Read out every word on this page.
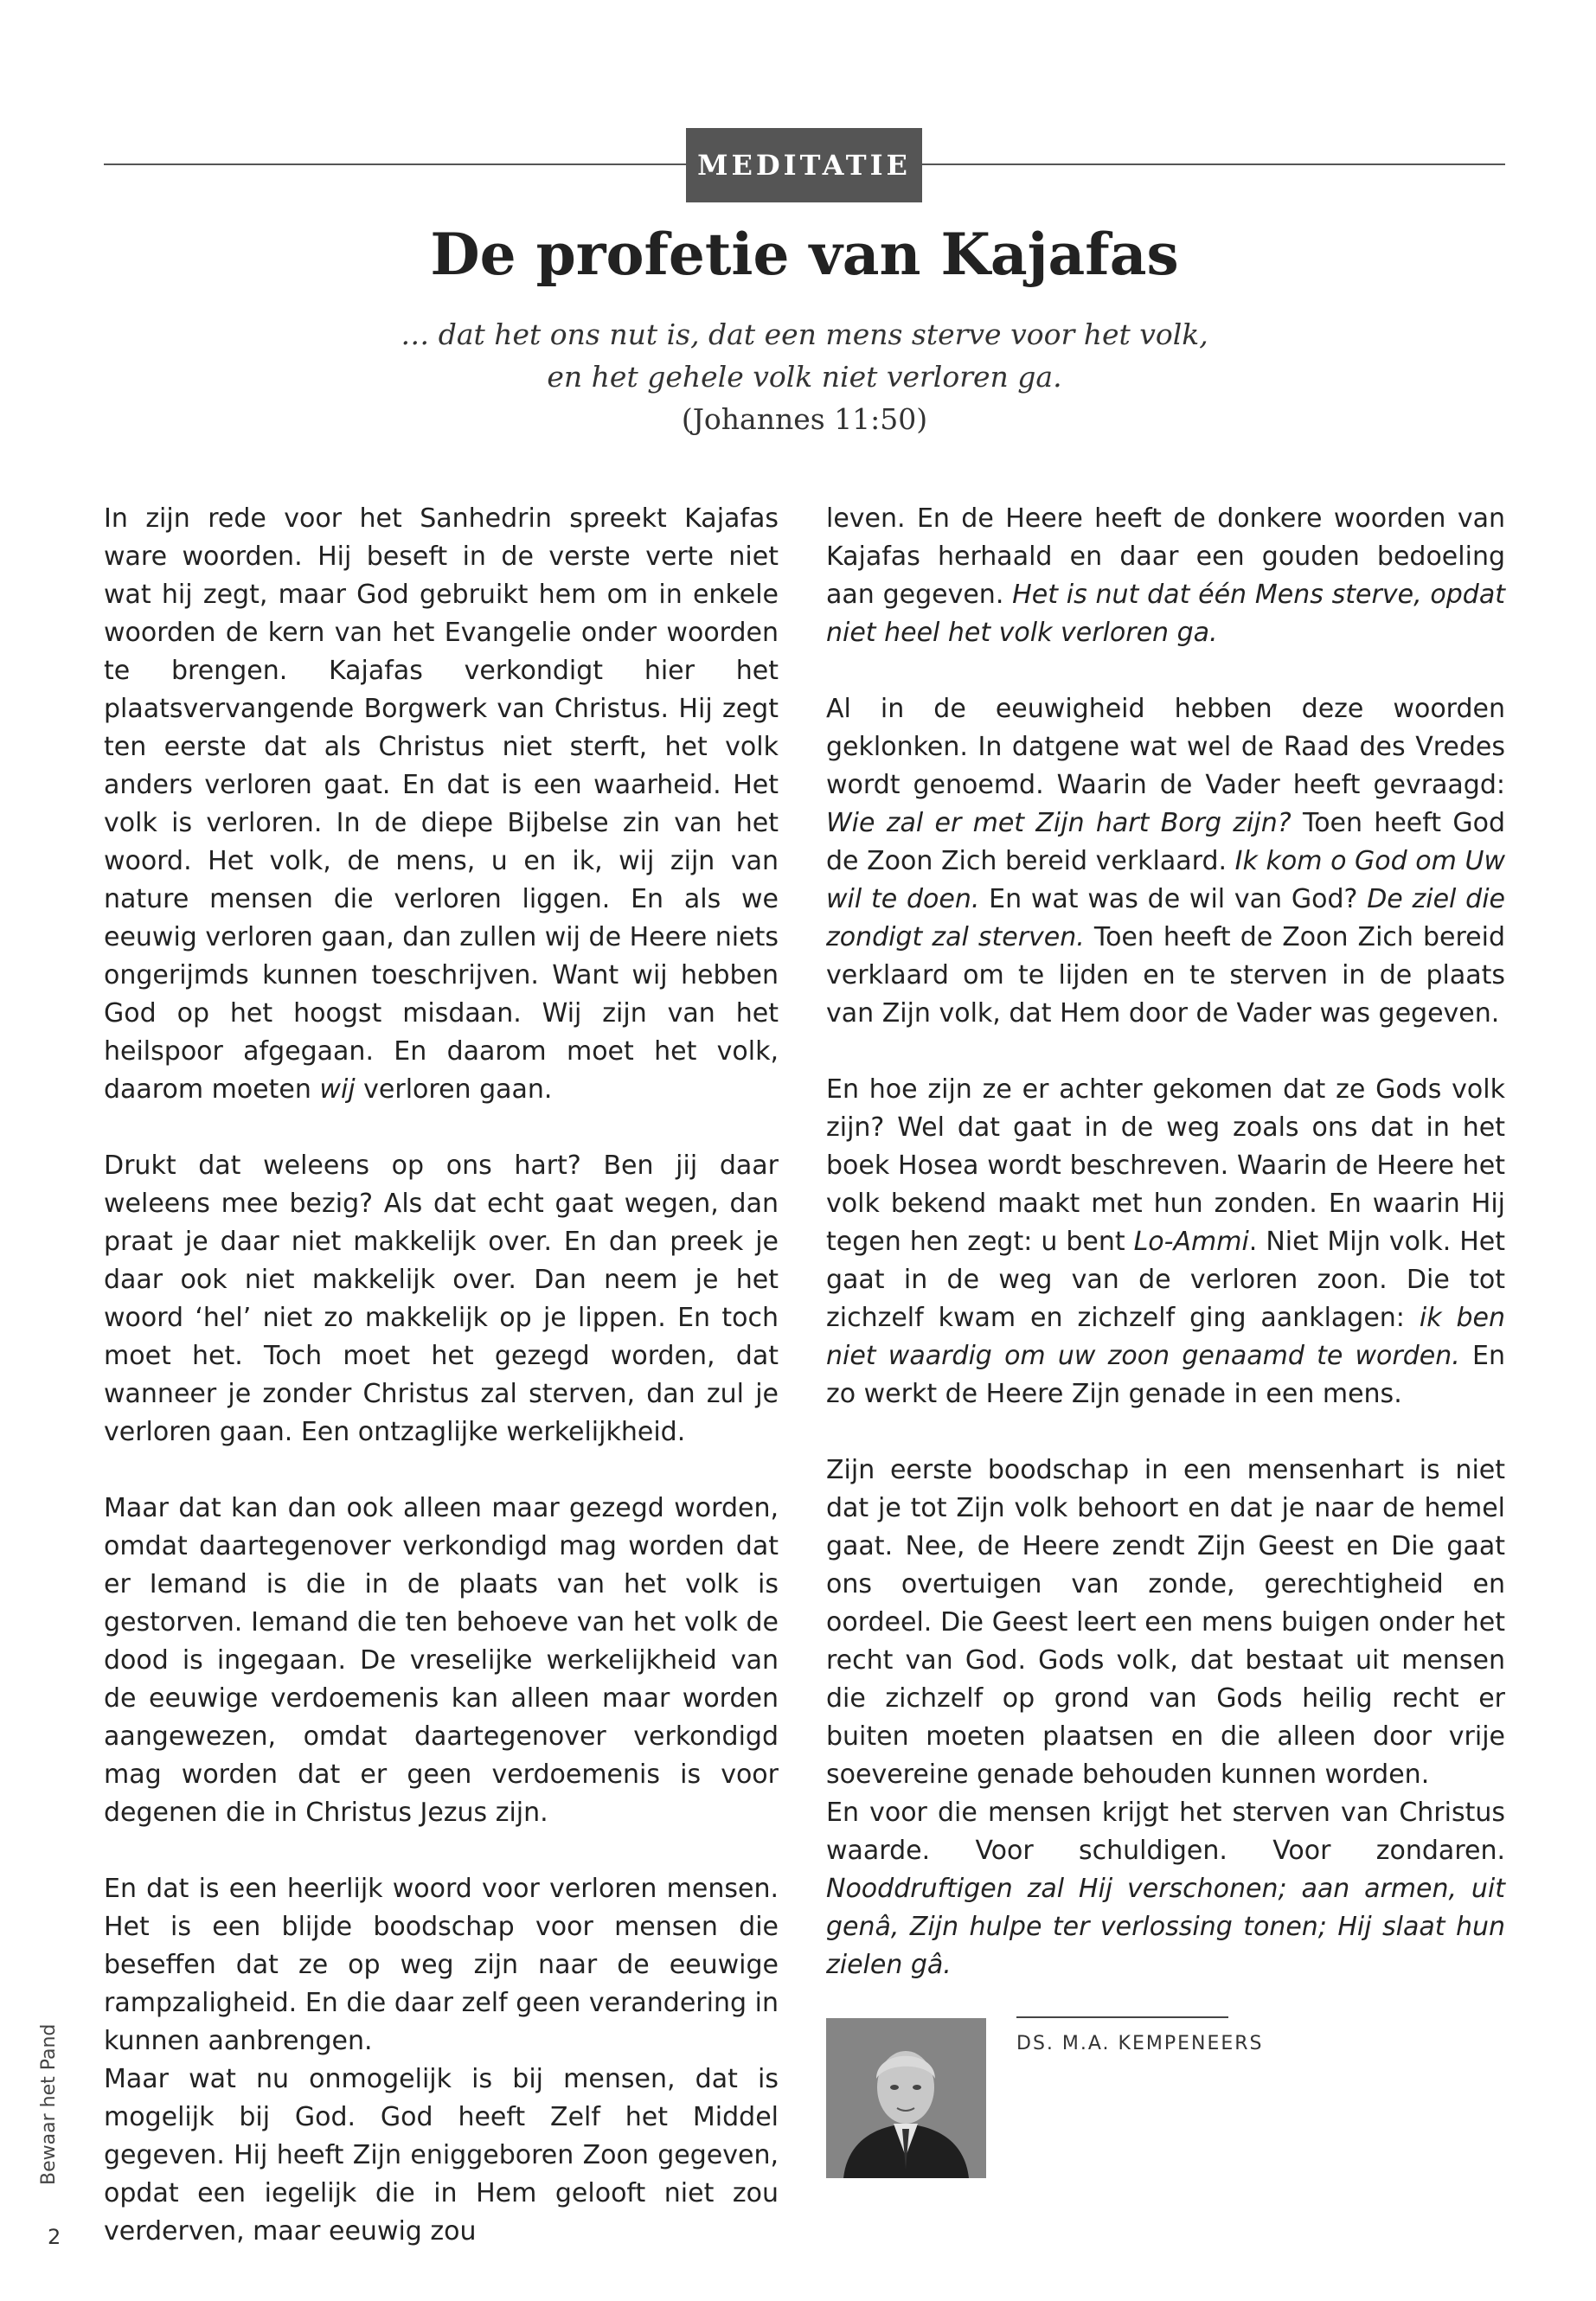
MEDITATIE
De profetie van Kajafas
… dat het ons nut is, dat een mens sterve voor het volk,
en het gehele volk niet verloren ga.
(Johannes 11:50)

In zijn rede voor het Sanhedrin spreekt Kajafas ware woorden. Hij beseft in de verste verte niet wat hij zegt, maar God gebruikt hem om in enkele woorden de kern van het Evangelie onder woorden te brengen. Kajafas verkondigt hier het plaatsvervangende Borgwerk van Christus. Hij zegt ten eerste dat als Christus niet sterft, het volk anders verloren gaat. En dat is een waarheid. Het volk is verloren. In de diepe Bijbelse zin van het woord. Het volk, de mens, u en ik, wij zijn van nature mensen die verloren liggen. En als we eeuwig verloren gaan, dan zullen wij de Heere niets ongerijmds kunnen toeschrijven. Want wij hebben God op het hoogst misdaan. Wij zijn van het heilspoor afgegaan. En daarom moet het volk, daarom moeten wij verloren gaan.

Drukt dat weleens op ons hart? Ben jij daar weleens mee bezig? Als dat echt gaat wegen, dan praat je daar niet makkelijk over. En dan preek je daar ook niet makkelijk over. Dan neem je het woord ‘hel’ niet zo makkelijk op je lippen. En toch moet het. Toch moet het gezegd worden, dat wanneer je zonder Christus zal sterven, dan zul je verloren gaan. Een ontzaglijke werkelijkheid.

Maar dat kan dan ook alleen maar gezegd worden, omdat daartegenover verkondigd mag worden dat er Iemand is die in de plaats van het volk is gestorven. Iemand die ten behoeve van het volk de dood is ingegaan. De vreselijke werkelijkheid van de eeuwige verdoemenis kan alleen maar worden aangewezen, omdat daartegenover verkondigd mag worden dat er geen verdoemenis is voor degenen die in Christus Jezus zijn.

En dat is een heerlijk woord voor verloren mensen. Het is een blijde boodschap voor mensen die beseffen dat ze op weg zijn naar de eeuwige rampzaligheid. En die daar zelf geen verandering in kunnen aanbrengen.

Maar wat nu onmogelijk is bij mensen, dat is mogelijk bij God. God heeft Zelf het Middel gegeven. Hij heeft Zijn eniggeboren Zoon gegeven, opdat een iegelijk die in Hem gelooft niet zou verderven, maar eeuwig zou

leven. En de Heere heeft de donkere woorden van Kajafas herhaald en daar een gouden bedoeling aan gegeven. Het is nut dat één Mens sterve, opdat niet heel het volk verloren ga.

Al in de eeuwigheid hebben deze woorden geklonken. In datgene wat wel de Raad des Vredes wordt genoemd. Waarin de Vader heeft gevraagd: Wie zal er met Zijn hart Borg zijn? Toen heeft God de Zoon Zich bereid verklaard. Ik kom o God om Uw wil te doen. En wat was de wil van God? De ziel die zondigt zal sterven. Toen heeft de Zoon Zich bereid verklaard om te lijden en te sterven in de plaats van Zijn volk, dat Hem door de Vader was gegeven.

En hoe zijn ze er achter gekomen dat ze Gods volk zijn? Wel dat gaat in de weg zoals ons dat in het boek Hosea wordt beschreven. Waarin de Heere het volk bekend maakt met hun zonden. En waarin Hij tegen hen zegt: u bent Lo-Ammi. Niet Mijn volk. Het gaat in de weg van de verloren zoon. Die tot zichzelf kwam en zichzelf ging aanklagen: ik ben niet waardig om uw zoon genaamd te worden. En zo werkt de Heere Zijn genade in een mens.

Zijn eerste boodschap in een mensenhart is niet dat je tot Zijn volk behoort en dat je naar de hemel gaat. Nee, de Heere zendt Zijn Geest en Die gaat ons overtuigen van zonde, gerechtigheid en oordeel. Die Geest leert een mens buigen onder het recht van God. Gods volk, dat bestaat uit mensen die zichzelf op grond van Gods heilig recht er buiten moeten plaatsen en die alleen door vrije soevereine genade behouden kunnen worden.

En voor die mensen krijgt het sterven van Christus waarde. Voor schuldigen. Voor zondaren. Nooddruftigen zal Hij verschonen; aan armen, uit genâ, Zijn hulpe ter verlossing tonen; Hij slaat hun zielen gâ.

DS. M.A. KEMPENEERS
Bewaar het Pand
2
